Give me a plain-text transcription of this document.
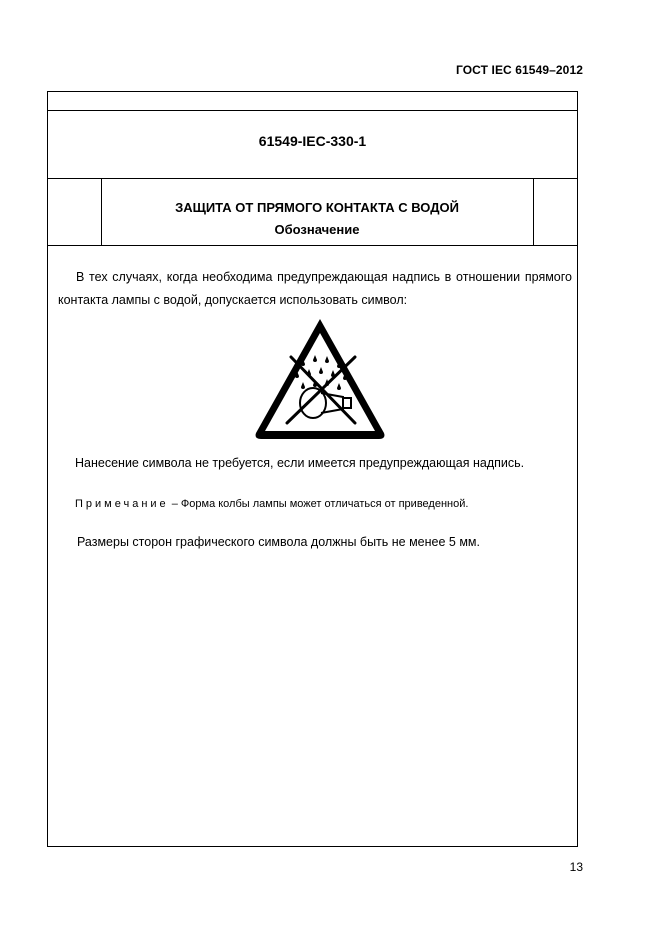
ГОСТ IEC 61549–2012
61549-IEC-330-1
ЗАЩИТА ОТ ПРЯМОГО КОНТАКТА С ВОДОЙ
Обозначение
В тех случаях, когда необходима предупреждающая надпись в отношении прямого контакта лампы с водой, допускается использовать символ:
Нанесение символа не требуется, если имеется предупреждающая надпись.
Примечание – Форма колбы лампы может отличаться от приведенной.
Размеры сторон графического символа должны быть не менее 5 мм.
13
